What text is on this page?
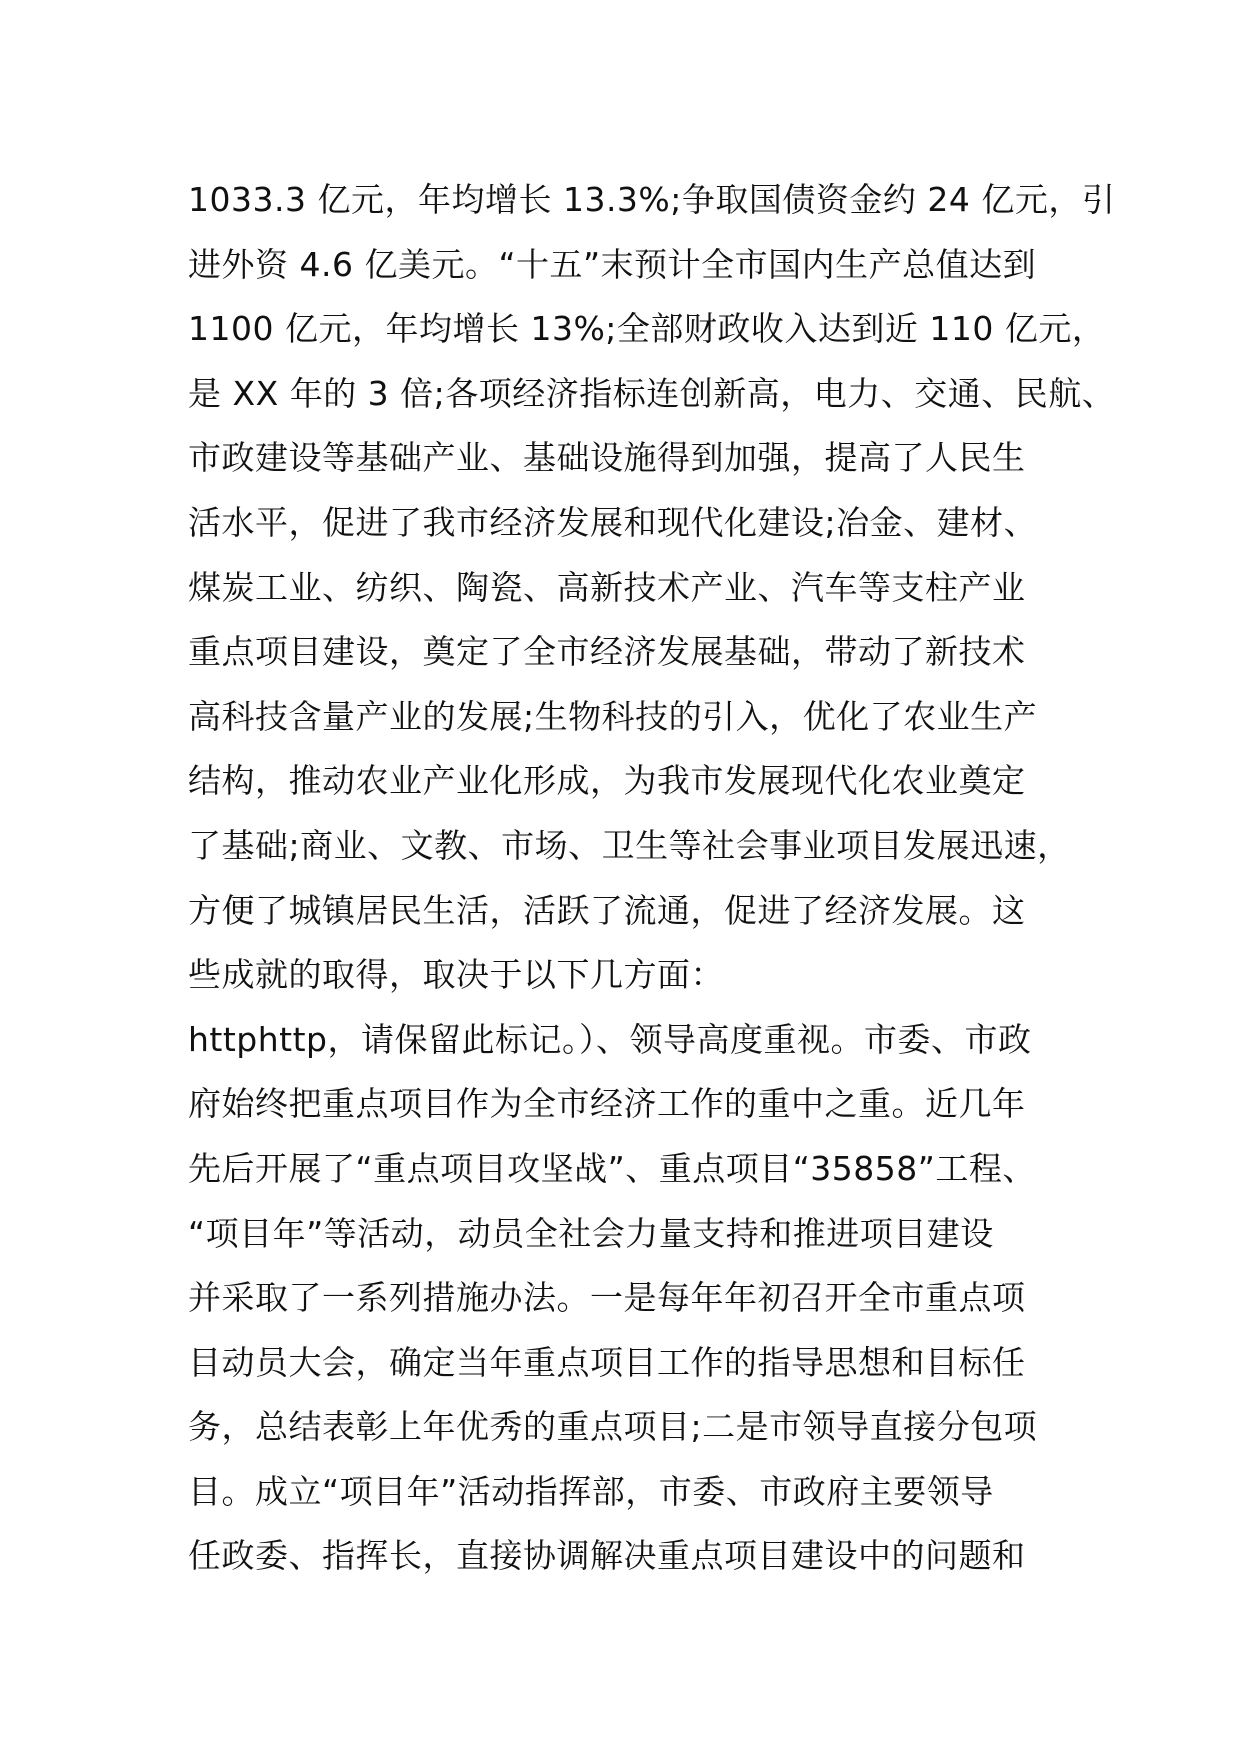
1033.3 亿元，年均增长 13.3%;争取国债资金约 24 亿元，引
进外资 4.6 亿美元。“十五”末预计全市国内生产总值达到
1100 亿元，年均增长 13%;全部财政收入达到近 110 亿元，
是 XX 年的 3 倍;各项经济指标连创新高，电力、交通、民航、
市政建设等基础产业、基础设施得到加强，提高了人民生
活水平，促进了我市经济发展和现代化建设;冶金、建材、
煤炭工业、纺织、陶瓷、高新技术产业、汽车等支柱产业
重点项目建设，奠定了全市经济发展基础，带动了新技术
高科技含量产业的发展;生物科技的引入，优化了农业生产
结构，推动农业产业化形成，为我市发展现代化农业奠定
了基础;商业、文教、市场、卫生等社会事业项目发展迅速，
方便了城镇居民生活，活跃了流通，促进了经济发展。这
些成就的取得，取决于以下几方面：
httphttp，请保留此标记。）、领导高度重视。市委、市政
府始终把重点项目作为全市经济工作的重中之重。近几年
先后开展了“重点项目攻坚战”、重点项目“35858”工程、
“项目年”等活动，动员全社会力量支持和推进项目建设
并采取了一系列措施办法。一是每年年初召开全市重点项
目动员大会，确定当年重点项目工作的指导思想和目标任
务，总结表彰上年优秀的重点项目;二是市领导直接分包项
目。成立“项目年”活动指挥部，市委、市政府主要领导
任政委、指挥长，直接协调解决重点项目建设中的问题和
